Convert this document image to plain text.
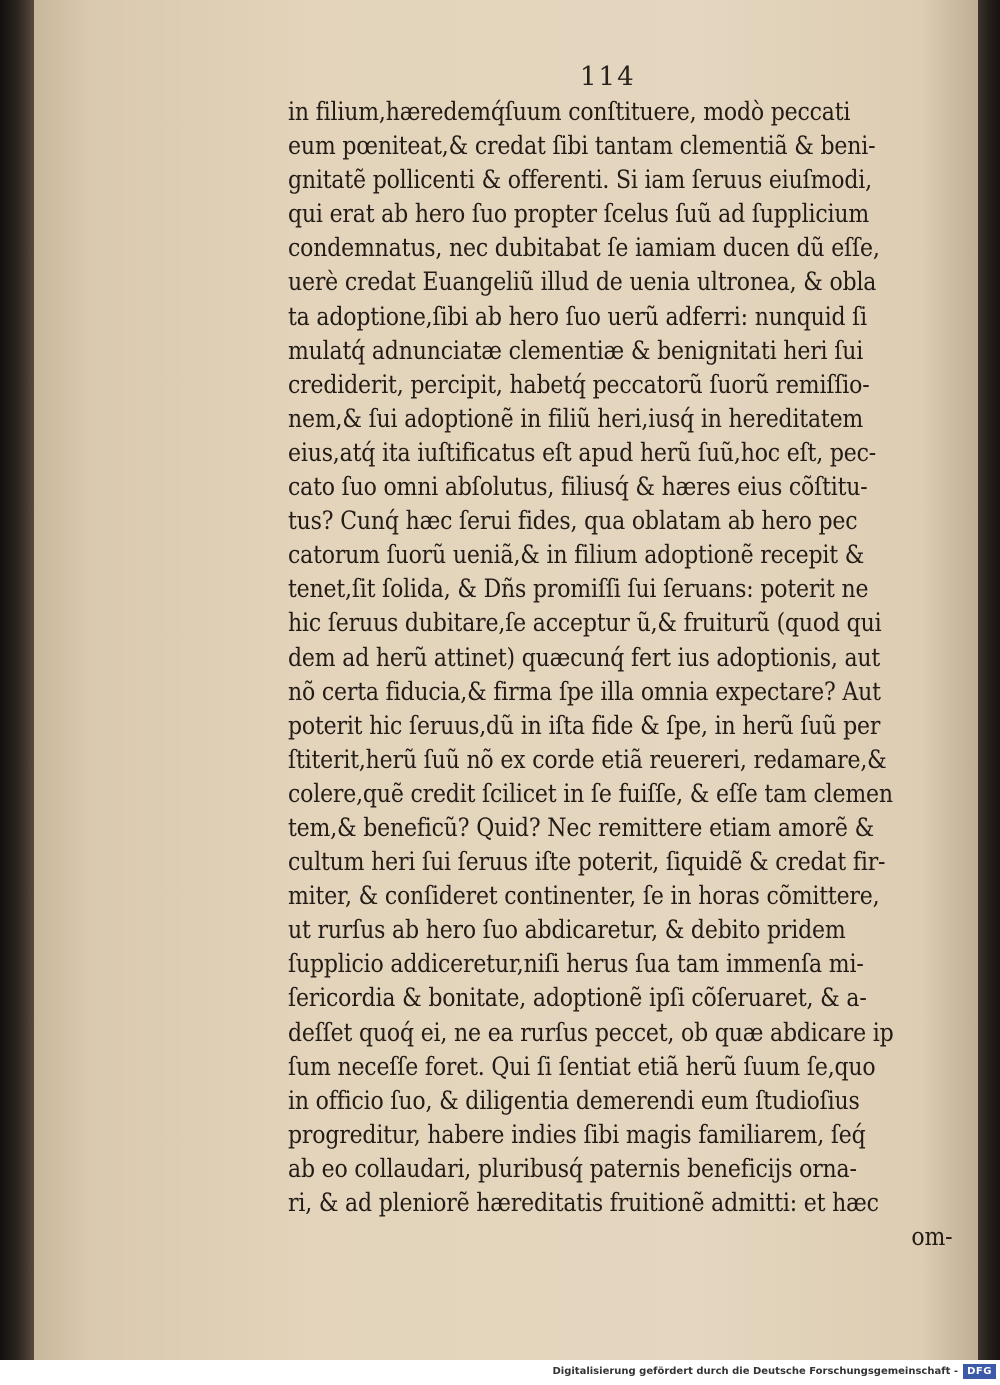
114
in filium,hæredemq́ſuum conſtituere, modò peccati
eum pœniteat,& credat ſibi tantam clementiã & beni-
gnitatẽ pollicenti & offerenti. Si iam ſeruus eiuſmodi,
qui erat ab hero ſuo propter ſcelus ſuũ ad ſupplicium
condemnatus, nec dubitabat ſe iamiam ducen dũ eſſe,
uerè credat Euangeliũ illud de uenia ultronea, & obla
ta adoptione,ſibi ab hero ſuo uerũ adferri: nunquid ſi
mulatq́ adnunciatæ clementiæ & benignitati heri ſui
crediderit, percipit, habetq́ peccatorũ ſuorũ remiſſio-
nem,& ſui adoptionẽ in filiũ heri,iusq́ in hereditatem
eius,atq́ ita iuſtificatus eſt apud herũ ſuũ,hoc eſt, pec-
cato ſuo omni abſolutus, filiusq́ & hæres eius cõſtitu-
tus? Cunq́ hæc ſerui fides, qua oblatam ab hero pec
catorum ſuorũ ueniã,& in filium adoptionẽ recepit &
tenet,ſit ſolida, & Dñs promiſſi ſui ſeruans: poterit ne
hic ſeruus dubitare,ſe acceptur ũ,& fruiturũ (quod qui
dem ad herũ attinet) quæcunq́ fert ius adoptionis, aut
nõ certa fiducia,& firma ſpe illa omnia expectare? Aut
poterit hic ſeruus,dũ in iſta fide & ſpe, in herũ ſuũ per
ſtiterit,herũ ſuũ nõ ex corde etiã reuereri, redamare,&
colere,quẽ credit ſcilicet in ſe fuiſſe, & eſſe tam clemen
tem,& beneficũ? Quid? Nec remittere etiam amorẽ &
cultum heri ſui ſeruus iſte poterit, ſiquidẽ & credat fir-
miter, & conſideret continenter, ſe in horas cõmittere,
ut rurſus ab hero ſuo abdicaretur, & debito pridem
ſupplicio addiceretur,niſi herus ſua tam immenſa mi-
ſericordia & bonitate, adoptionẽ ipſi cõſeruaret, & a-
deſſet quoq́ ei, ne ea rurſus peccet, ob quæ abdicare ip
ſum neceſſe foret. Qui ſi ſentiat etiã herũ ſuum ſe,quo
in officio ſuo, & diligentia demerendi eum ſtudioſius
progreditur, habere indies ſibi magis familiarem, ſeq́
ab eo collaudari, pluribusq́ paternis beneficijs orna-
ri, & ad pleniorẽ hæreditatis fruitionẽ admitti: et hæc
om-
Digitalisierung gefördert durch die Deutsche Forschungsgemeinschaft - DFG
